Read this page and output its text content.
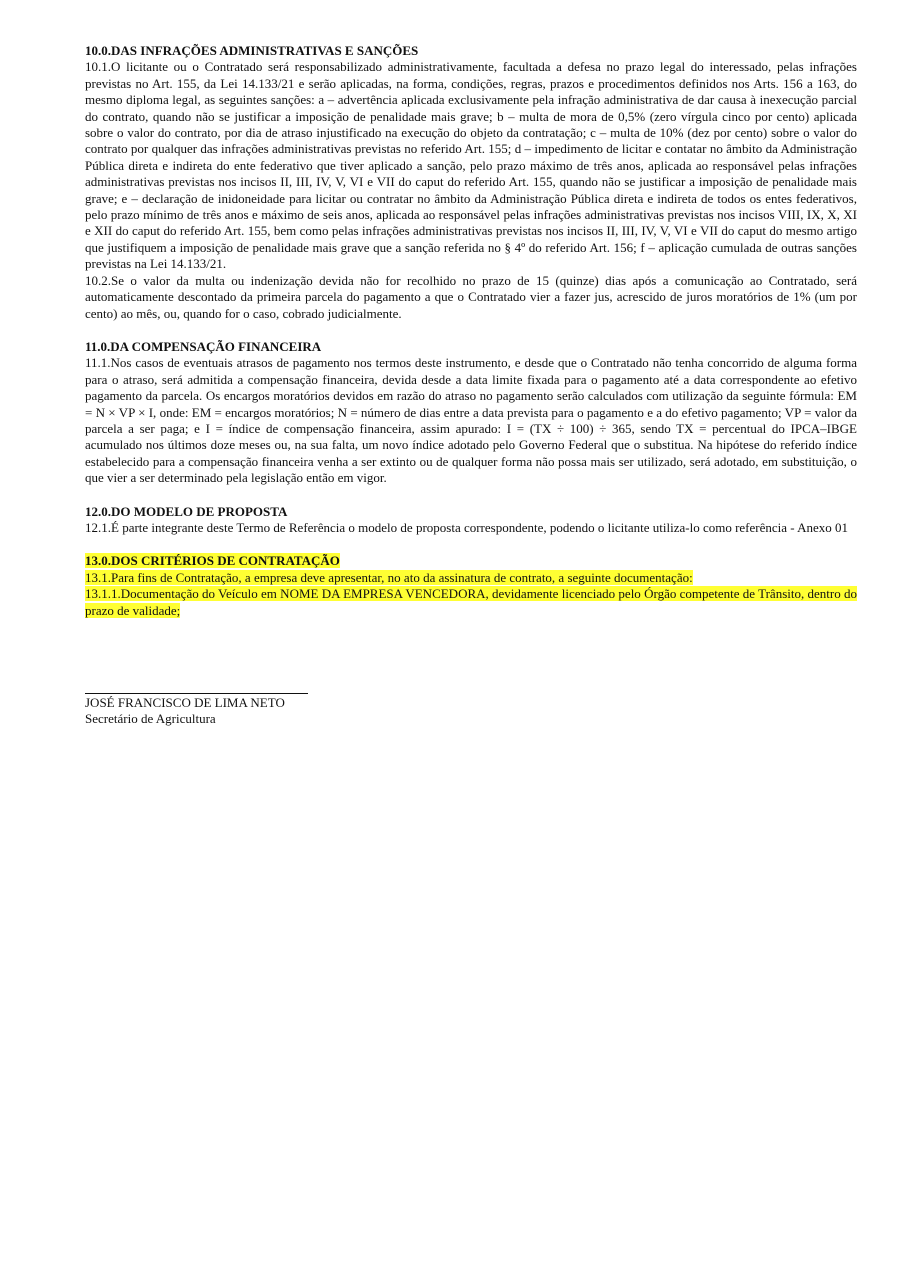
10.0.DAS INFRAÇÕES ADMINISTRATIVAS E SANÇÕES
10.1.O licitante ou o Contratado será responsabilizado administrativamente, facultada a defesa no prazo legal do interessado, pelas infrações previstas no Art. 155, da Lei 14.133/21 e serão aplicadas, na forma, condições, regras, prazos e procedimentos definidos nos Arts. 156 a 163, do mesmo diploma legal, as seguintes sanções: a – advertência aplicada exclusivamente pela infração administrativa de dar causa à inexecução parcial do contrato, quando não se justificar a imposição de penalidade mais grave; b – multa de mora de 0,5% (zero vírgula cinco por cento) aplicada sobre o valor do contrato, por dia de atraso injustificado na execução do objeto da contratação; c – multa de 10% (dez por cento) sobre o valor do contrato por qualquer das infrações administrativas previstas no referido Art. 155; d – impedimento de licitar e contatar no âmbito da Administração Pública direta e indireta do ente federativo que tiver aplicado a sanção, pelo prazo máximo de três anos, aplicada ao responsável pelas infrações administrativas previstas nos incisos II, III, IV, V, VI e VII do caput do referido Art. 155, quando não se justificar a imposição de penalidade mais grave; e – declaração de inidoneidade para licitar ou contratar no âmbito da Administração Pública direta e indireta de todos os entes federativos, pelo prazo mínimo de três anos e máximo de seis anos, aplicada ao responsável pelas infrações administrativas previstas nos incisos VIII, IX, X, XI e XII do caput do referido Art. 155, bem como pelas infrações administrativas previstas nos incisos II, III, IV, V, VI e VII do caput do mesmo artigo que justifiquem a imposição de penalidade mais grave que a sanção referida no § 4º do referido Art. 156; f – aplicação cumulada de outras sanções previstas na Lei 14.133/21.
10.2.Se o valor da multa ou indenização devida não for recolhido no prazo de 15 (quinze) dias após a comunicação ao Contratado, será automaticamente descontado da primeira parcela do pagamento a que o Contratado vier a fazer jus, acrescido de juros moratórios de 1% (um por cento) ao mês, ou, quando for o caso, cobrado judicialmente.
11.0.DA COMPENSAÇÃO FINANCEIRA
11.1.Nos casos de eventuais atrasos de pagamento nos termos deste instrumento, e desde que o Contratado não tenha concorrido de alguma forma para o atraso, será admitida a compensação financeira, devida desde a data limite fixada para o pagamento até a data correspondente ao efetivo pagamento da parcela. Os encargos moratórios devidos em razão do atraso no pagamento serão calculados com utilização da seguinte fórmula: EM = N × VP × I, onde: EM = encargos moratórios; N = número de dias entre a data prevista para o pagamento e a do efetivo pagamento; VP = valor da parcela a ser paga; e I = índice de compensação financeira, assim apurado: I = (TX ÷ 100) ÷ 365, sendo TX = percentual do IPCA–IBGE acumulado nos últimos doze meses ou, na sua falta, um novo índice adotado pelo Governo Federal que o substitua. Na hipótese do referido índice estabelecido para a compensação financeira venha a ser extinto ou de qualquer forma não possa mais ser utilizado, será adotado, em substituição, o que vier a ser determinado pela legislação então em vigor.
12.0.DO MODELO DE PROPOSTA
12.1.É parte integrante deste Termo de Referência o modelo de proposta correspondente, podendo o licitante utiliza-lo como referência - Anexo 01
13.0.DOS CRITÉRIOS DE CONTRATAÇÃO
13.1.Para fins de Contratação, a empresa deve apresentar, no ato da assinatura de contrato, a seguinte documentação:
13.1.1.Documentação do Veículo em NOME DA EMPRESA VENCEDORA, devidamente licenciado pelo Órgão competente de Trânsito, dentro do prazo de validade;
JOSÉ FRANCISCO DE LIMA NETO
Secretário de Agricultura
